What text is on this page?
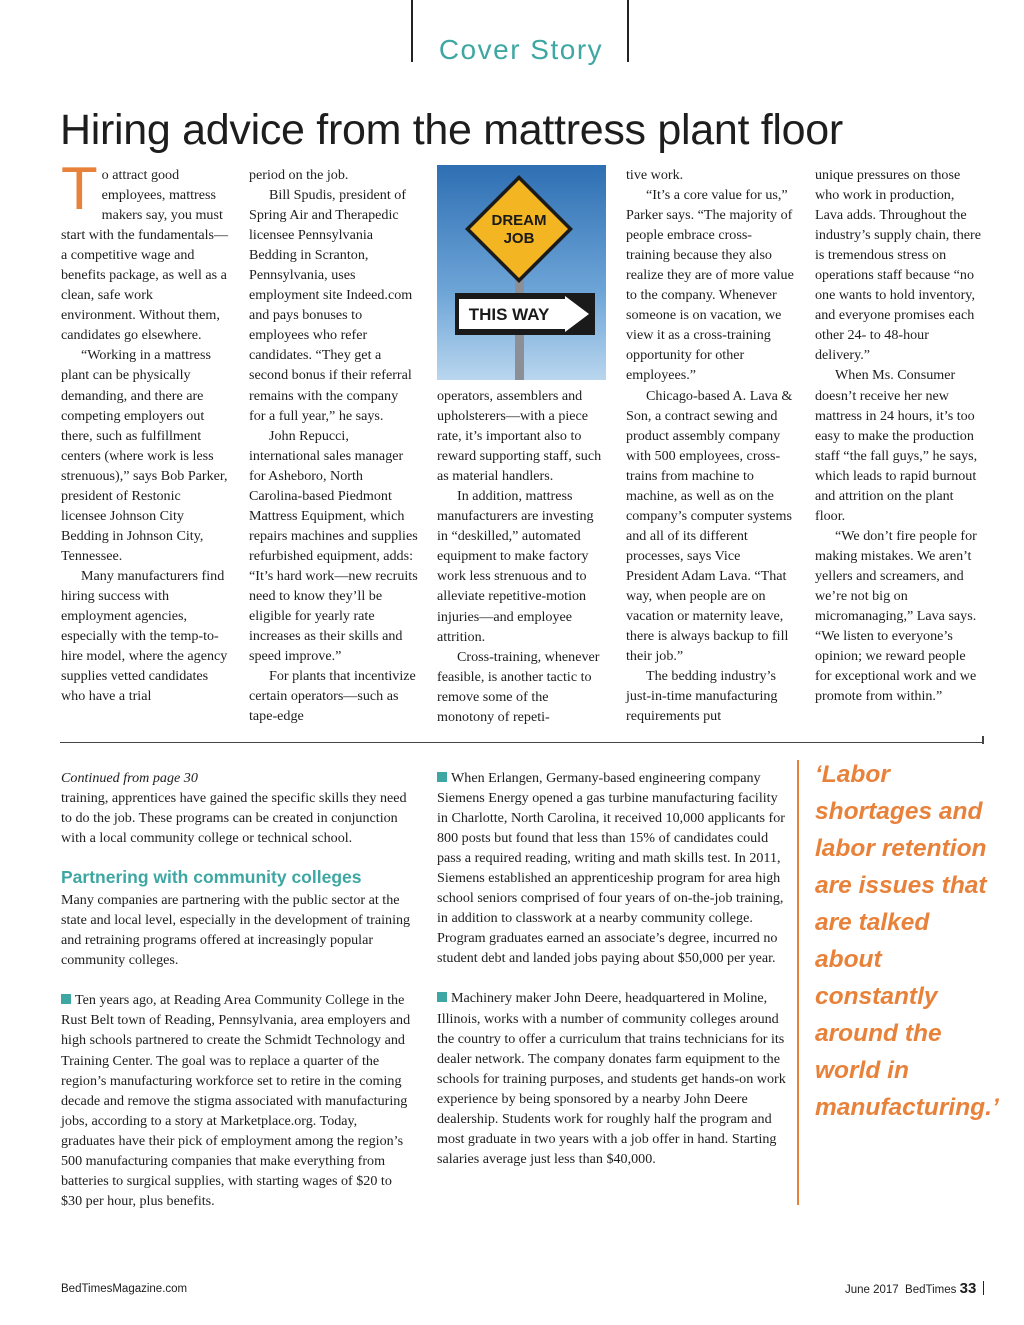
Cover Story
Hiring advice from the mattress plant floor

To attract good employees, mattress makers say, you must start with the fundamentals—a competitive wage and benefits package, as well as a clean, safe work environment. Without them, candidates go elsewhere.

“Working in a mattress plant can be physically demanding, and there are competing employers out there, such as fulfillment centers (where work is less strenuous),” says Bob Parker, president of Restonic licensee Johnson City Bedding in Johnson City, Tennessee.

Many manufacturers find hiring success with employment agencies, especially with the temp-to-hire model, where the agency supplies vetted candidates who have a trial

period on the job.

Bill Spudis, president of Spring Air and Therapedic licensee Pennsylvania Bedding in Scranton, Pennsylvania, uses employment site Indeed.com and pays bonuses to employees who refer candidates. “They get a second bonus if their referral remains with the company for a full year,” he says.

John Repucci, international sales manager for Asheboro, North Carolina-based Piedmont Mattress Equipment, which repairs machines and supplies refurbished equipment, adds: “It’s hard work—new recruits need to know they’ll be eligible for yearly rate increases as their skills and speed improve.”

For plants that incentivize certain operators—such as tape-edge

DREAM
JOB
THIS WAY

operators, assemblers and upholsterers—with a piece rate, it’s important also to reward supporting staff, such as material handlers.

In addition, mattress manufacturers are investing in “deskilled,” automated equipment to make factory work less strenuous and to alleviate repetitive-motion injuries—and employee attrition.

Cross-training, whenever feasible, is another tactic to remove some of the monotony of repeti-

tive work.

“It’s a core value for us,” Parker says. “The majority of people embrace cross-training because they also realize they are of more value to the company. Whenever someone is on vacation, we view it as a cross-training opportunity for other employees.”

Chicago-based A. Lava & Son, a contract sewing and product assembly company with 500 employees, cross-trains from machine to machine, as well as on the company’s computer systems and all of its different processes, says Vice President Adam Lava. “That way, when people are on vacation or maternity leave, there is always backup to fill their job.”

The bedding industry’s just-in-time manufacturing requirements put

unique pressures on those who work in production, Lava adds. Throughout the industry’s supply chain, there is tremendous stress on operations staff because “no one wants to hold inventory, and everyone promises each other 24- to 48-hour delivery.”

When Ms. Consumer doesn’t receive her new mattress in 24 hours, it’s too easy to make the production staff “the fall guys,” he says, which leads to rapid burnout and attrition on the plant floor.

“We don’t fire people for making mistakes. We aren’t yellers and screamers, and we’re not big on micromanaging,” Lava says. “We listen to everyone’s opinion; we reward people for exceptional work and we promote from within.”

Continued from page 30

training, apprentices have gained the specific skills they need to do the job. These programs can be created in conjunction with a local community college or technical school.

Partnering with community colleges

Many companies are partnering with the public sector at the state and local level, especially in the development of training and retraining programs offered at increasingly popular community colleges.

Ten years ago, at Reading Area Community College in the Rust Belt town of Reading, Pennsylvania, area employers and high schools partnered to create the Schmidt Technology and Training Center. The goal was to replace a quarter of the region’s manufacturing workforce set to retire in the coming decade and remove the stigma associated with manufacturing jobs, according to a story at Marketplace.org. Today, graduates have their pick of employment among the region’s 500 manufacturing companies that make everything from batteries to surgical supplies, with starting wages of $20 to $30 per hour, plus benefits.

When Erlangen, Germany-based engineering company Siemens Energy opened a gas turbine manufacturing facility in Charlotte, North Carolina, it received 10,000 applicants for 800 posts but found that less than 15% of candidates could pass a required reading, writing and math skills test. In 2011, Siemens established an apprenticeship program for area high school seniors comprised of four years of on-the-job training, in addition to classwork at a nearby community college. Program graduates earned an associate’s degree, incurred no student debt and landed jobs paying about $50,000 per year.

Machinery maker John Deere, headquartered in Moline, Illinois, works with a number of community colleges around the country to offer a curriculum that trains technicians for its dealer network. The company donates farm equipment to the schools for training purposes, and students get hands-on work experience by being sponsored by a nearby John Deere dealership. Students work for roughly half the program and most graduate in two years with a job offer in hand. Starting salaries average just less than $40,000.

‘Labor shortages and labor retention are issues that are talked about constantly around the world in manufacturing.’

BedTimesMagazine.com	June 2017  BedTimes 33
